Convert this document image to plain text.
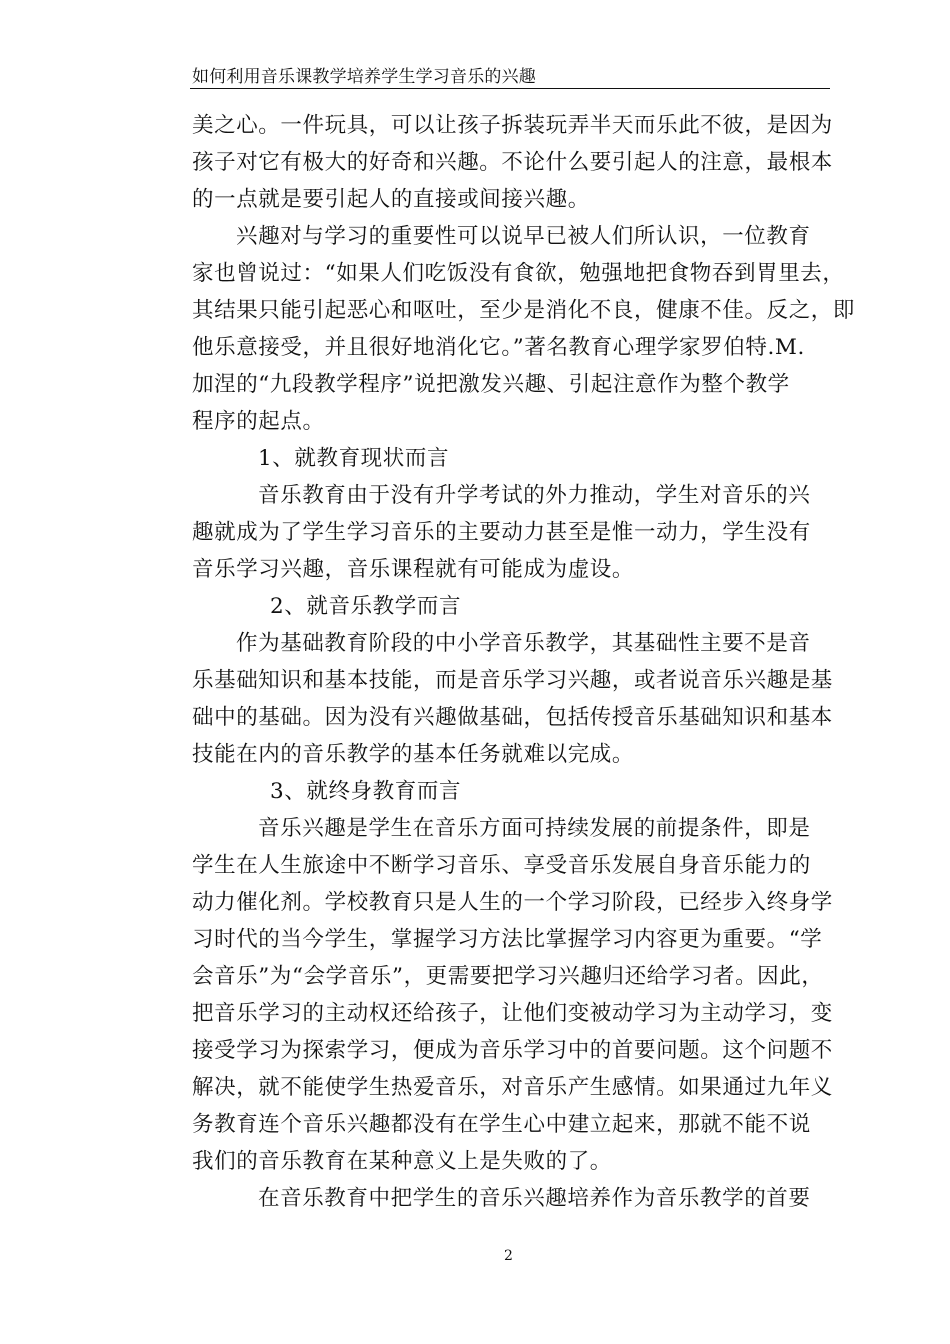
如何利用音乐课教学培养学生学习音乐的兴趣
美之心。一件玩具，可以让孩子拆装玩弄半天而乐此不彼，是因为
孩子对它有极大的好奇和兴趣。不论什么要引起人的注意，最根本
的一点就是要引起人的直接或间接兴趣。
兴趣对与学习的重要性可以说早已被人们所认识，一位教育
家也曾说过：“如果人们吃饭没有食欲，勉强地把食物吞到胃里去，
其结果只能引起恶心和呕吐，至少是消化不良，健康不佳。反之，即
他乐意接受，并且很好地消化它。”著名教育心理学家罗伯特.M.
加涅的“九段教学程序”说把激发兴趣、引起注意作为整个教学
程序的起点。
1、就教育现状而言
音乐教育由于没有升学考试的外力推动，学生对音乐的兴
趣就成为了学生学习音乐的主要动力甚至是惟一动力，学生没有
音乐学习兴趣，音乐课程就有可能成为虚设。
2、就音乐教学而言
作为基础教育阶段的中小学音乐教学，其基础性主要不是音
乐基础知识和基本技能，而是音乐学习兴趣，或者说音乐兴趣是基
础中的基础。因为没有兴趣做基础，包括传授音乐基础知识和基本
技能在内的音乐教学的基本任务就难以完成。
3、就终身教育而言
音乐兴趣是学生在音乐方面可持续发展的前提条件，即是
学生在人生旅途中不断学习音乐、享受音乐发展自身音乐能力的
动力催化剂。学校教育只是人生的一个学习阶段，已经步入终身学
习时代的当今学生，掌握学习方法比掌握学习内容更为重要。“学
会音乐”为“会学音乐”，更需要把学习兴趣归还给学习者。因此，
把音乐学习的主动权还给孩子，让他们变被动学习为主动学习，变
接受学习为探索学习，便成为音乐学习中的首要问题。这个问题不
解决，就不能使学生热爱音乐，对音乐产生感情。如果通过九年义
务教育连个音乐兴趣都没有在学生心中建立起来，那就不能不说
我们的音乐教育在某种意义上是失败的了。
在音乐教育中把学生的音乐兴趣培养作为音乐教学的首要
2
